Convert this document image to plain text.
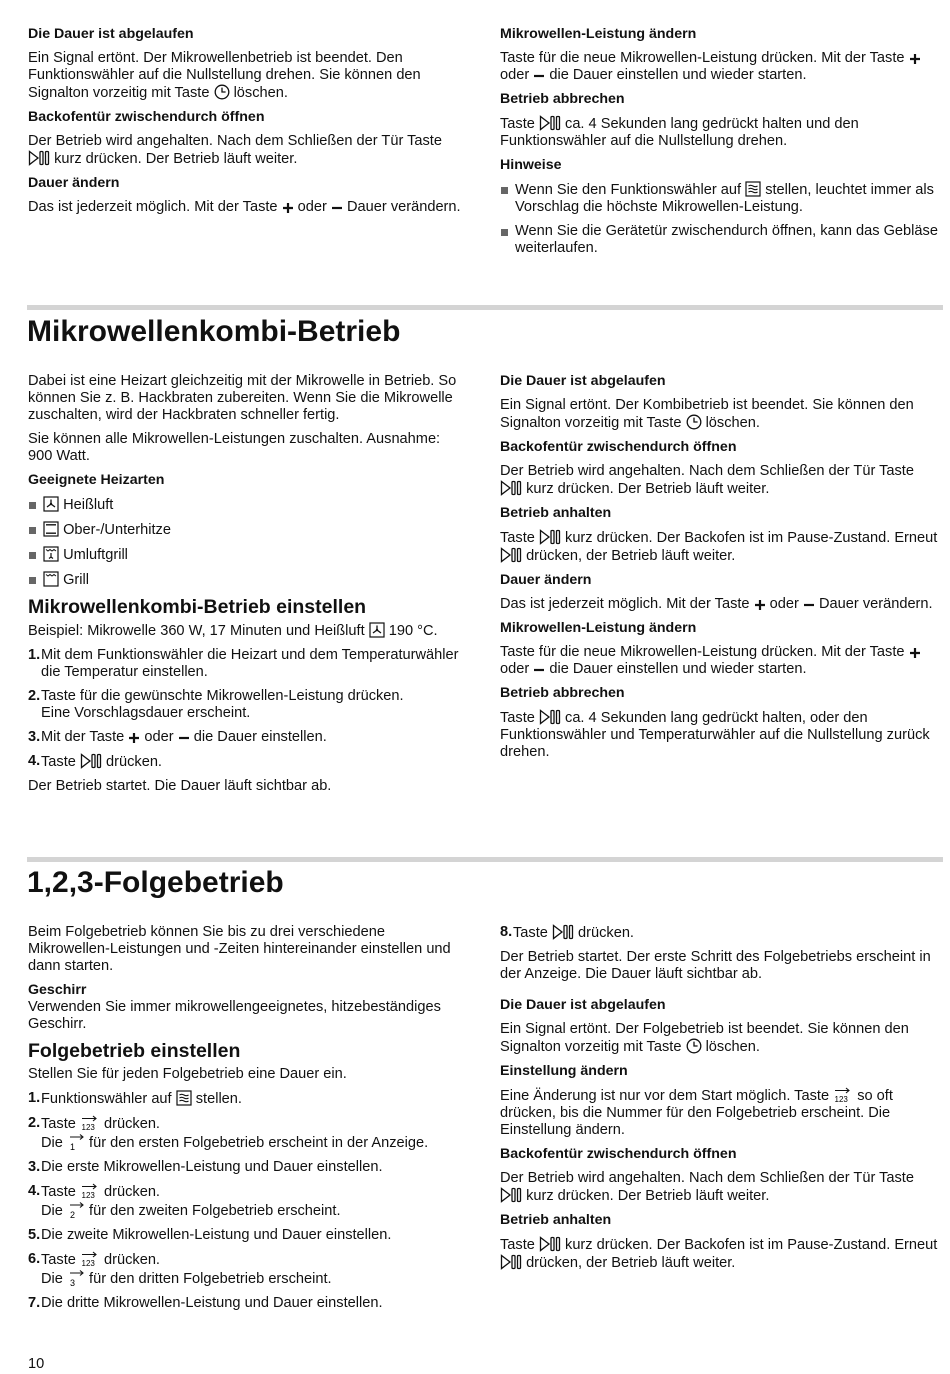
Die Dauer ist abgelaufen
Ein Signal ertönt. Der Mikrowellenbetrieb ist beendet. Den Funktionswähler auf die Nullstellung drehen. Sie können den Signalton vorzeitig mit Taste löschen.
Backofentür zwischendurch öffnen
Der Betrieb wird angehalten. Nach dem Schließen der Tür Taste
kurz drücken. Der Betrieb läuft weiter.
Dauer ändern
Das ist jederzeit möglich. Mit der Taste oder Dauer verändern.
Mikrowellen-Leistung ändern
Taste für die neue Mikrowellen-Leistung drücken. Mit der Taste
oder die Dauer einstellen und wieder starten.
Betrieb abbrechen
Taste ca. 4 Sekunden lang gedrückt halten und den Funktionswähler auf die Nullstellung drehen.
Hinweise
Wenn Sie den Funktionswähler auf stellen, leuchtet immer als Vorschlag die höchste Mikrowellen-Leistung.
Wenn Sie die Gerätetür zwischendurch öffnen, kann das Gebläse weiterlaufen.
Mikrowellenkombi-Betrieb
Dabei ist eine Heizart gleichzeitig mit der Mikrowelle in Betrieb. So können Sie z. B. Hackbraten zubereiten. Wenn Sie die Mikrowelle zuschalten, wird der Hackbraten schneller fertig.
Sie können alle Mikrowellen-Leistungen zuschalten. Ausnahme: 900 Watt.
Geeignete Heizarten
Heißluft
Ober-/Unterhitze
Umluftgrill
Grill
Mikrowellenkombi-Betrieb einstellen
Beispiel: Mikrowelle 360 W, 17 Minuten und Heißluft 190 °C.
1. Mit dem Funktionswähler die Heizart und dem Temperaturwähler die Temperatur einstellen.
2. Taste für die gewünschte Mikrowellen-Leistung drücken.
Eine Vorschlagsdauer erscheint.
3. Mit der Taste oder die Dauer einstellen.
4. Taste drücken.
Der Betrieb startet. Die Dauer läuft sichtbar ab.
Die Dauer ist abgelaufen
Ein Signal ertönt. Der Kombibetrieb ist beendet. Sie können den Signalton vorzeitig mit Taste löschen.
Backofentür zwischendurch öffnen
Der Betrieb wird angehalten. Nach dem Schließen der Tür Taste
kurz drücken. Der Betrieb läuft weiter.
Betrieb anhalten
Taste kurz drücken. Der Backofen ist im Pause-Zustand. Erneut
drücken, der Betrieb läuft weiter.
Dauer ändern
Das ist jederzeit möglich. Mit der Taste oder Dauer verändern.
Mikrowellen-Leistung ändern
Taste für die neue Mikrowellen-Leistung drücken. Mit der Taste
oder die Dauer einstellen und wieder starten.
Betrieb abbrechen
Taste ca. 4 Sekunden lang gedrückt halten, oder den Funktionswähler und Temperaturwähler auf die Nullstellung zurück drehen.
1,2,3-Folgebetrieb
Beim Folgebetrieb können Sie bis zu drei verschiedene Mikrowellen-Leistungen und -Zeiten hintereinander einstellen und dann starten.
Geschirr
Verwenden Sie immer mikrowellengeeignetes, hitzebeständiges Geschirr.
Folgebetrieb einstellen
Stellen Sie für jeden Folgebetrieb eine Dauer ein.
1. Funktionswähler auf stellen.
2. Taste drücken.
Die 1 für den ersten Folgebetrieb erscheint in der Anzeige.
3. Die erste Mikrowellen-Leistung und Dauer einstellen.
4. Taste drücken.
Die 2 für den zweiten Folgebetrieb erscheint.
5. Die zweite Mikrowellen-Leistung und Dauer einstellen.
6. Taste drücken.
Die 3 für den dritten Folgebetrieb erscheint.
7. Die dritte Mikrowellen-Leistung und Dauer einstellen.
8. Taste drücken.
Der Betrieb startet. Der erste Schritt des Folgebetriebs erscheint in der Anzeige. Die Dauer läuft sichtbar ab.
Die Dauer ist abgelaufen
Ein Signal ertönt. Der Folgebetrieb ist beendet. Sie können den Signalton vorzeitig mit Taste löschen.
Einstellung ändern
Eine Änderung ist nur vor dem Start möglich. Taste so oft drücken, bis die Nummer für den Folgebetrieb erscheint. Die Einstellung ändern.
Backofentür zwischendurch öffnen
Der Betrieb wird angehalten. Nach dem Schließen der Tür Taste
kurz drücken. Der Betrieb läuft weiter.
Betrieb anhalten
Taste kurz drücken. Der Backofen ist im Pause-Zustand. Erneut
drücken, der Betrieb läuft weiter.
10
